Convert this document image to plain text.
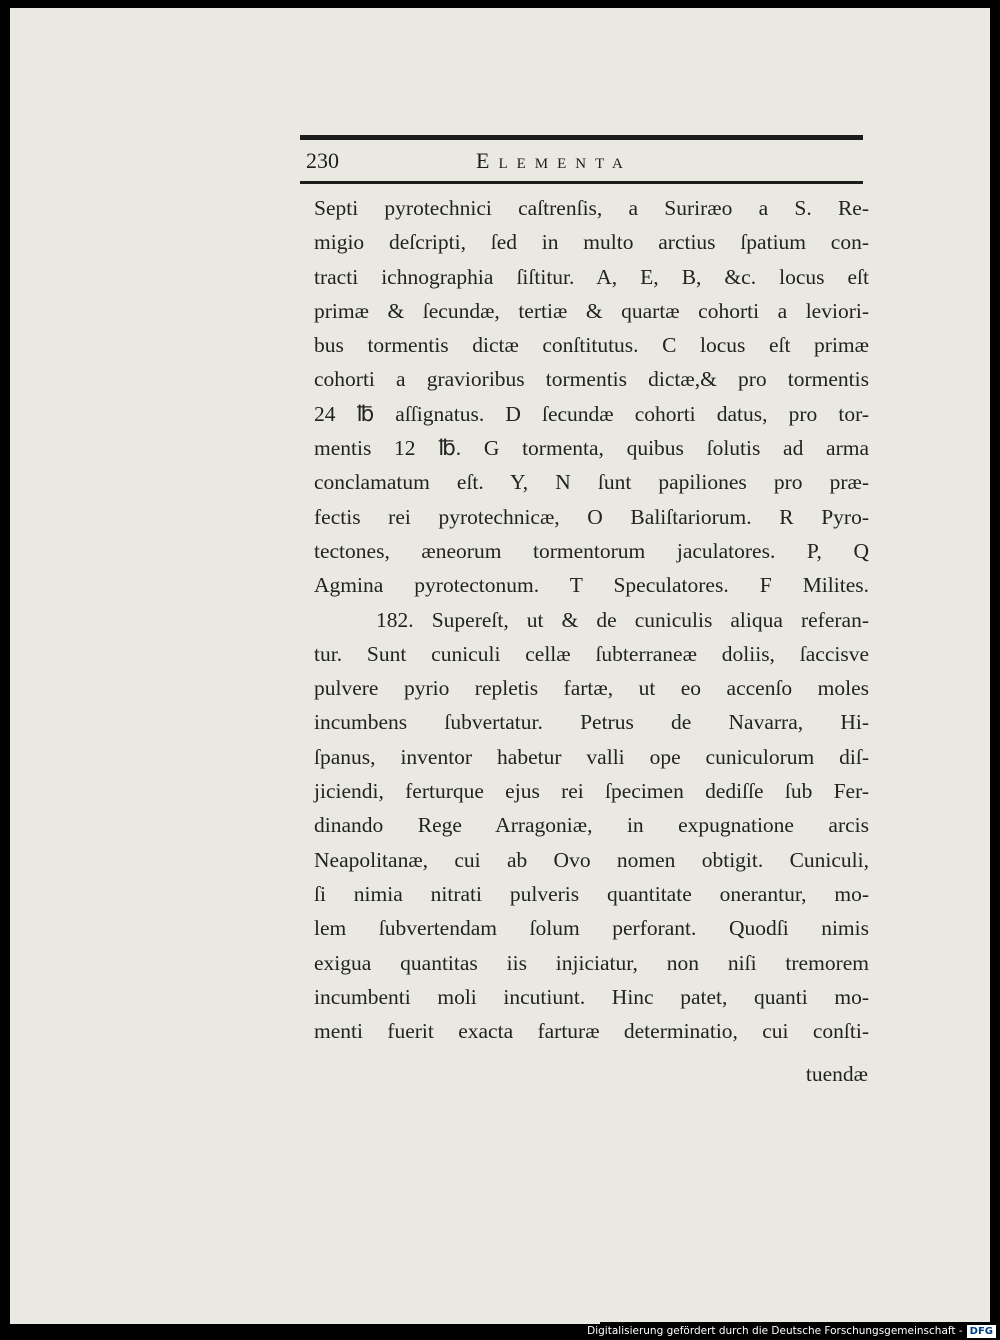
230	Elementa
Septi pyrotechnici caſtrenſis, a Suriræo a S. Re-
migio deſcripti, ſed in multo arctius ſpatium con-
tracti ichnographia ſiſtitur. A, E, B, &c. locus eſt
primæ & ſecundæ, tertiæ & quartæ cohorti a leviori-
bus tormentis dictæ conſtitutus. C locus eſt primæ
cohorti a gravioribus tormentis dictæ,& pro tormentis
24 ℔ aſſignatus. D ſecundæ cohorti datus, pro tor-
mentis 12 ℔. G tormenta, quibus ſolutis ad arma
conclamatum eſt. Y, N ſunt papiliones pro præ-
fectis rei pyrotechnicæ, O Baliſtariorum. R Pyro-
tectones, æneorum tormentorum jaculatores. P, Q
Agmina pyrotectonum. T Speculatores. F Milites.
182. Supereſt, ut & de cuniculis aliqua referan-
tur. Sunt cuniculi cellæ ſubterraneæ doliis, ſaccisve
pulvere pyrio repletis fartæ, ut eo accenſo moles
incumbens ſubvertatur. Petrus de Navarra, Hi-
ſpanus, inventor habetur valli ope cuniculorum diſ-
jiciendi, ferturque ejus rei ſpecimen dediſſe ſub Fer-
dinando Rege Arragoniæ, in expugnatione arcis
Neapolitanæ, cui ab Ovo nomen obtigit. Cuniculi,
ſi nimia nitrati pulveris quantitate onerantur, mo-
lem ſubvertendam ſolum perforant. Quodſi nimis
exigua quantitas iis injiciatur, non niſi tremorem
incumbenti moli incutiunt. Hinc patet, quanti mo-
menti fuerit exacta farturæ determinatio, cui conſti-
tuendæ
Digitalisierung gefördert durch die Deutsche Forschungsgemeinschaft - DFG
